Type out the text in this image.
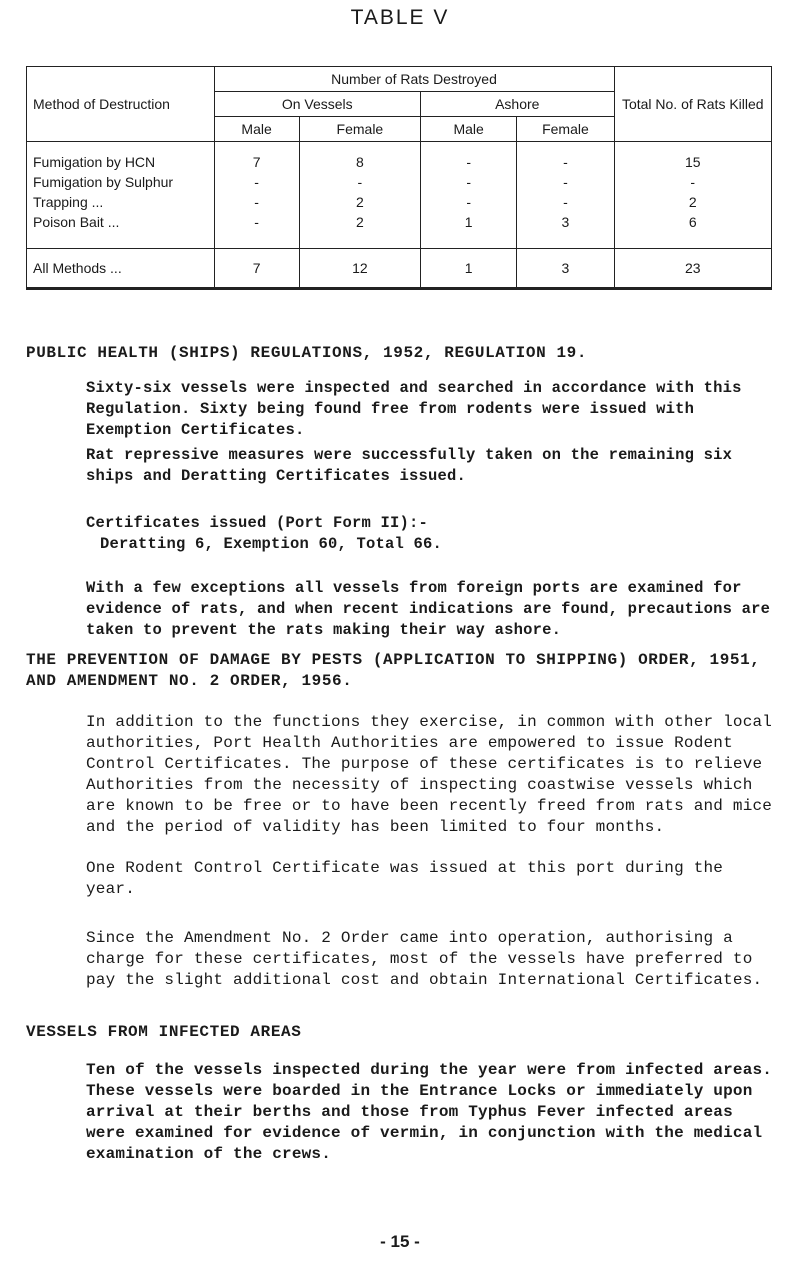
TABLE V
Method of Destruction	Number of Rats Destroyed				Total No. of Rats Killed
	On Vessels		Ashore		
	Male	Female	Male	Female	

Fumigation by HCN	7	8	-	-	15
Fumigation by Sulphur	-	-	-	-	-
Trapping ...	-	2	-	-	2
Poison Bait ...	-	2	1	3	6
All Methods ...	7	12	1	3	23
PUBLIC HEALTH (SHIPS) REGULATIONS, 1952, REGULATION 19.

Sixty-six vessels were inspected and searched in accordance with this Regulation. Sixty being found free from rodents were issued with Exemption Certificates.

Rat repressive measures were successfully taken on the remaining six ships and Deratting Certificates issued.

Certificates issued (Port Form II):-

Deratting 6, Exemption 60, Total 66.

With a few exceptions all vessels from foreign ports are examined for evidence of rats, and when recent indications are found, precautions are taken to prevent the rats making their way ashore.

THE PREVENTION OF DAMAGE BY PESTS (APPLICATION TO SHIPPING) ORDER, 1951, AND AMENDMENT NO. 2 ORDER, 1956.

In addition to the functions they exercise, in common with other local authorities, Port Health Authorities are empowered to issue Rodent Control Certificates. The purpose of these certificates is to relieve Authorities from the necessity of inspecting coastwise vessels which are known to be free or to have been recently freed from rats and mice and the period of validity has been limited to four months.

One Rodent Control Certificate was issued at this port during the year.

Since the Amendment No. 2 Order came into operation, authorising a charge for these certificates, most of the vessels have preferred to pay the slight additional cost and obtain International Certificates.

VESSELS FROM INFECTED AREAS

Ten of the vessels inspected during the year were from infected areas. These vessels were boarded in the Entrance Locks or immediately upon arrival at their berths and those from Typhus Fever infected areas were examined for evidence of vermin, in conjunction with the medical examination of the crews.

- 15 -
